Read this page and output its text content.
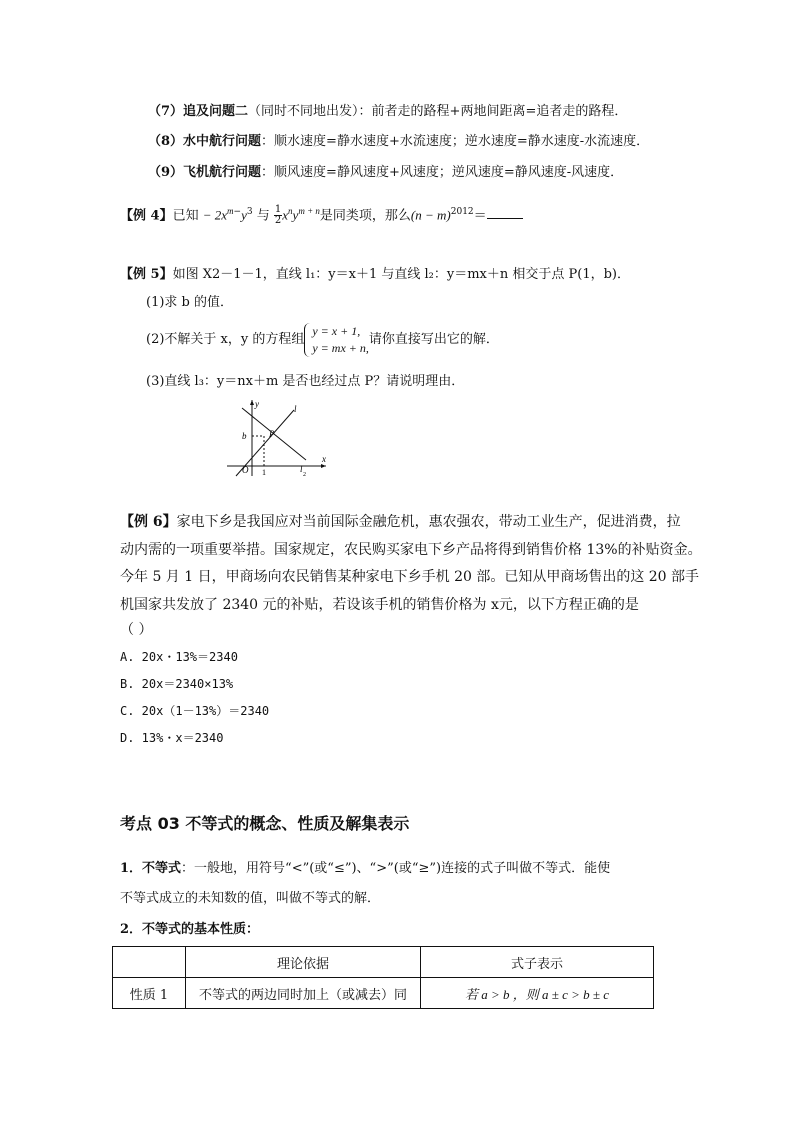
（7）追及问题二（同时不同地出发）：前者走的路程+两地间距离=追者走的路程．
（8）水中航行问题：顺水速度=静水速度+水流速度；逆水速度=静水速度-水流速度．
（9）飞机航行问题：顺风速度=静风速度+风速度；逆风速度=静风速度-风速度．
【例 4】已知 − $2x^{m-}y^3$ 与 $\frac{1}{2} x^ny^{m + n}$是同类项，那么$(n - m)^{2012}=$
【例 5】如图 X2－1－1，直线 l₁：y＝x＋1 与直线 l₂：y＝mx＋n 相交于点 P(1，b)．
(1)求 b 的值．
(2)不解关于 x，y 的方程组
y = x + 1,
y = mx + n,
请你直接写出它的解．
(3)直线 l₃：y＝nx＋m 是否也经过点 P？请说明理由．
y
x
O
b	P
1
l
l
2
【例 6】家电下乡是我国应对当前国际金融危机，惠农强农，带动工业生产，促进消费，拉
动内需的一项重要举措。国家规定，农民购买家电下乡产品将得到销售价格 13%的补贴资金。
今年 5 月 1 日，甲商场向农民销售某种家电下乡手机 20 部。已知从甲商场售出的这 20 部手
机国家共发放了 2340 元的补贴，若设该手机的销售价格为 x元，以下方程正确的是
（ ）
A. 20x・13%＝2340
B. 20x＝2340×13%
C. 20x（1－13%）＝2340
D. 13%・x＝2340
考点 03 不等式的概念、性质及解集表示
1．不等式：一般地，用符号“<”(或“≤”)、“>”(或“≥”)连接的式子叫做不等式．能使
不等式成立的未知数的值，叫做不等式的解．
2．不等式的基本性质：
	理论依据	式子表示
性质 1	不等式的两边同时加上（或减去）同	若 a > b ，则 a ± c > b ± c
